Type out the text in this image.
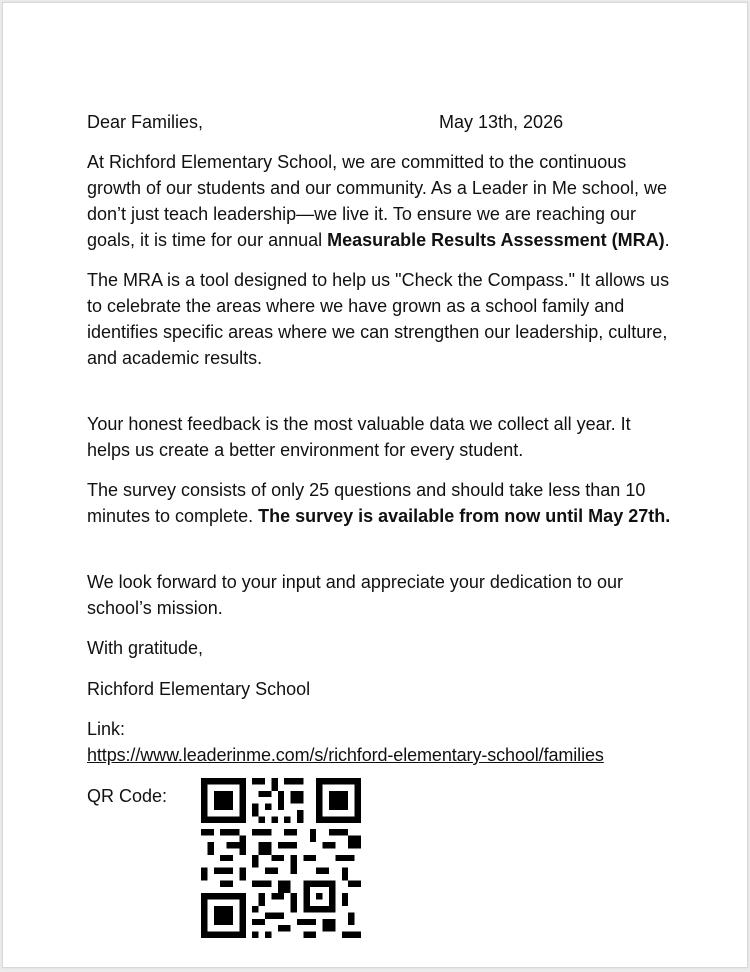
Dear Families,	May 13th, 2026

At Richford Elementary School, we are committed to the continuous growth of our students and our community. As a Leader in Me school, we don’t just teach leadership—we live it. To ensure we are reaching our goals, it is time for our annual Measurable Results Assessment (MRA).

The MRA is a tool designed to help us "Check the Compass." It allows us to celebrate the areas where we have grown as a school family and identifies specific areas where we can strengthen our leadership, culture, and academic results.

Your honest feedback is the most valuable data we collect all year. It helps us create a better environment for every student.

The survey consists of only 25 questions and should take less than 10 minutes to complete. The survey is available from now until May 27th.

We look forward to your input and appreciate your dedication to our school’s mission.

With gratitude,

Richford Elementary School

Link:

https://www.leaderinme.com/s/richford-elementary-school/families

QR Code:
